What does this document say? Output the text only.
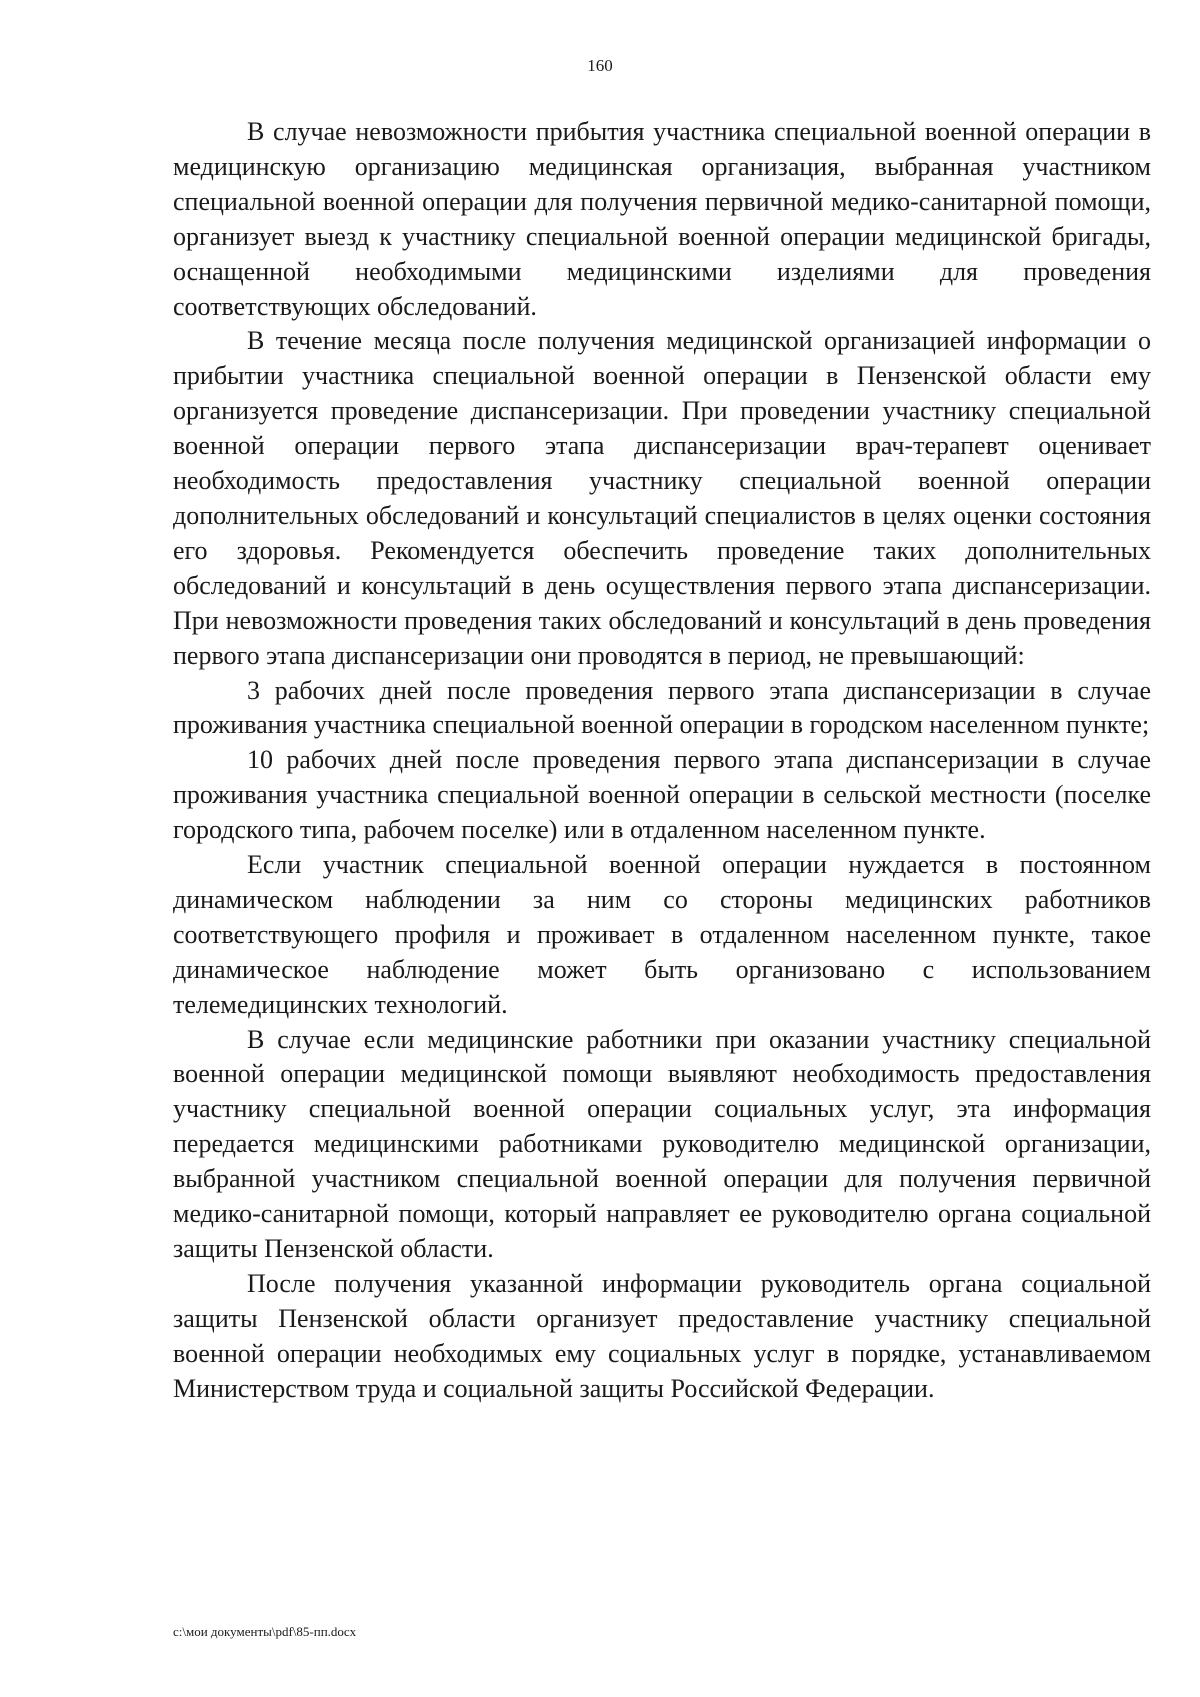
160

В случае невозможности прибытия участника специальной военной операции в медицинскую организацию медицинская организация, выбранная участником специальной военной операции для получения первичной медико-санитарной помощи, организует выезд к участнику специальной военной операции медицинской бригады, оснащенной необходимыми медицинскими изделиями для проведения соответствующих обследований.

В течение месяца после получения медицинской организацией информации о прибытии участника специальной военной операции в Пензенской области ему организуется проведение диспансеризации. При проведении участнику специальной военной операции первого этапа диспансеризации врач-терапевт оценивает необходимость предоставления участнику специальной военной операции дополнительных обследований и консультаций специалистов в целях оценки состояния его здоровья. Рекомендуется обеспечить проведение таких дополнительных обследований и консультаций в день осуществления первого этапа диспансеризации. При невозможности проведения таких обследований и консультаций в день проведения первого этапа диспансеризации они проводятся в период, не превышающий:

3 рабочих дней после проведения первого этапа диспансеризации в случае проживания участника специальной военной операции в городском населенном пункте;

10 рабочих дней после проведения первого этапа диспансеризации в случае проживания участника специальной военной операции в сельской местности (поселке городского типа, рабочем поселке) или в отдаленном населенном пункте.

Если участник специальной военной операции нуждается в постоянном динамическом наблюдении за ним со стороны медицинских работников соответствующего профиля и проживает в отдаленном населенном пункте, такое динамическое наблюдение может быть организовано с использованием телемедицинских технологий.

В случае если медицинские работники при оказании участнику специальной военной операции медицинской помощи выявляют необходимость предоставления участнику специальной военной операции социальных услуг, эта информация передается медицинскими работниками руководителю медицинской организации, выбранной участником специальной военной операции для получения первичной медико-санитарной помощи, который направляет ее руководителю органа социальной защиты Пензенской области.

После получения указанной информации руководитель органа социальной защиты Пензенской области организует предоставление участнику специальной военной операции необходимых ему социальных услуг в порядке, устанавливаемом Министерством труда и социальной защиты Российской Федерации.

c:\мои документы\pdf\85-пп.docx
